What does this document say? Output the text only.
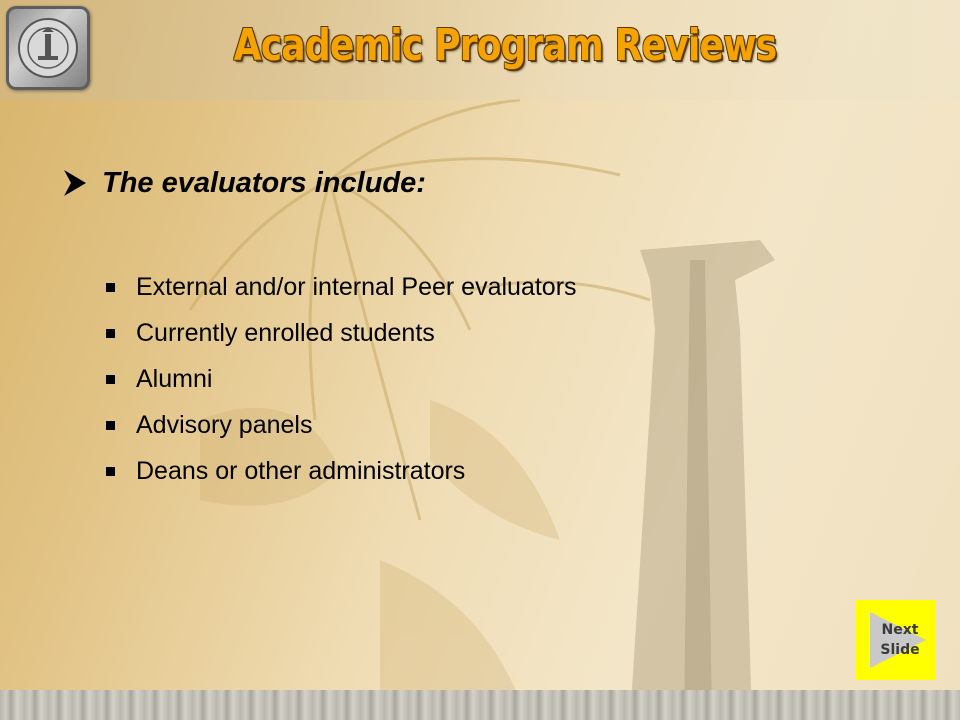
Academic Program Reviews
The evaluators include:
External and/or internal Peer evaluators
Currently enrolled students
Alumni
Advisory panels
Deans or other administrators
Next
Slide
